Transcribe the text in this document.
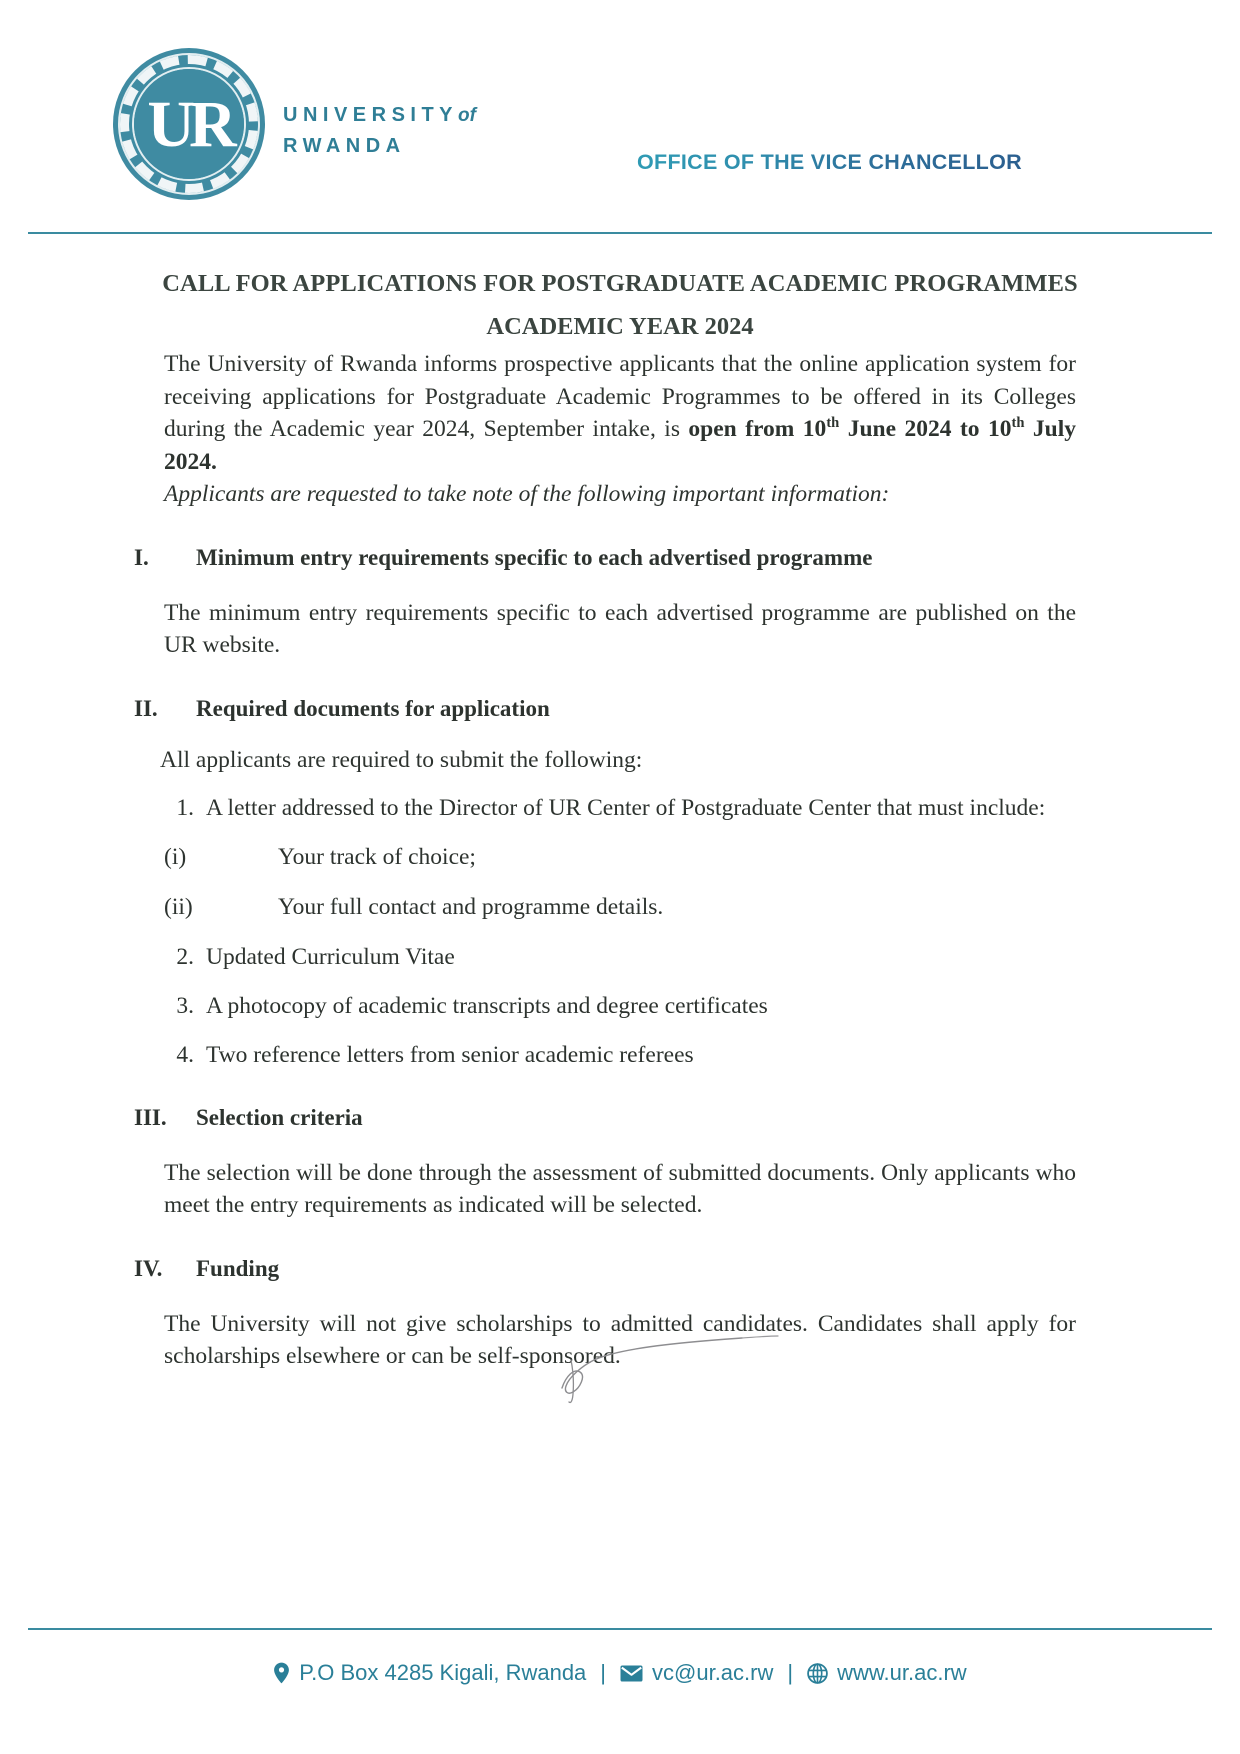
UR	UNIVERSITYof
RWANDA
OFFICE OF THE VICE CHANCELLOR
CALL FOR APPLICATIONS FOR POSTGRADUATE ACADEMIC PROGRAMMES
ACADEMIC YEAR 2024

The University of Rwanda informs prospective applicants that the online application system for receiving applications for Postgraduate Academic Programmes to be offered in its Colleges during the Academic year 2024, September intake, is open from 10th June 2024 to 10th July 2024.

Applicants are requested to take note of the following important information:

I.	Minimum entry requirements specific to each advertised programme

The minimum entry requirements specific to each advertised programme are published on the UR website.

II.	Required documents for application

All applicants are required to submit the following:

1. A letter addressed to the Director of UR Center of Postgraduate Center that must include:
(i)	Your track of choice;
(ii)	Your full contact and programme details.
2. Updated Curriculum Vitae
3. A photocopy of academic transcripts and degree certificates
4. Two reference letters from senior academic referees
III.	Selection criteria

The selection will be done through the assessment of submitted documents. Only applicants who meet the entry requirements as indicated will be selected.

IV.	Funding

The University will not give scholarships to admitted candidates. Candidates shall apply for scholarships elsewhere or can be self-sponsored.

P.O Box 4285 Kigali, Rwanda |	vc@ur.ac.rw |	www.ur.ac.rw
